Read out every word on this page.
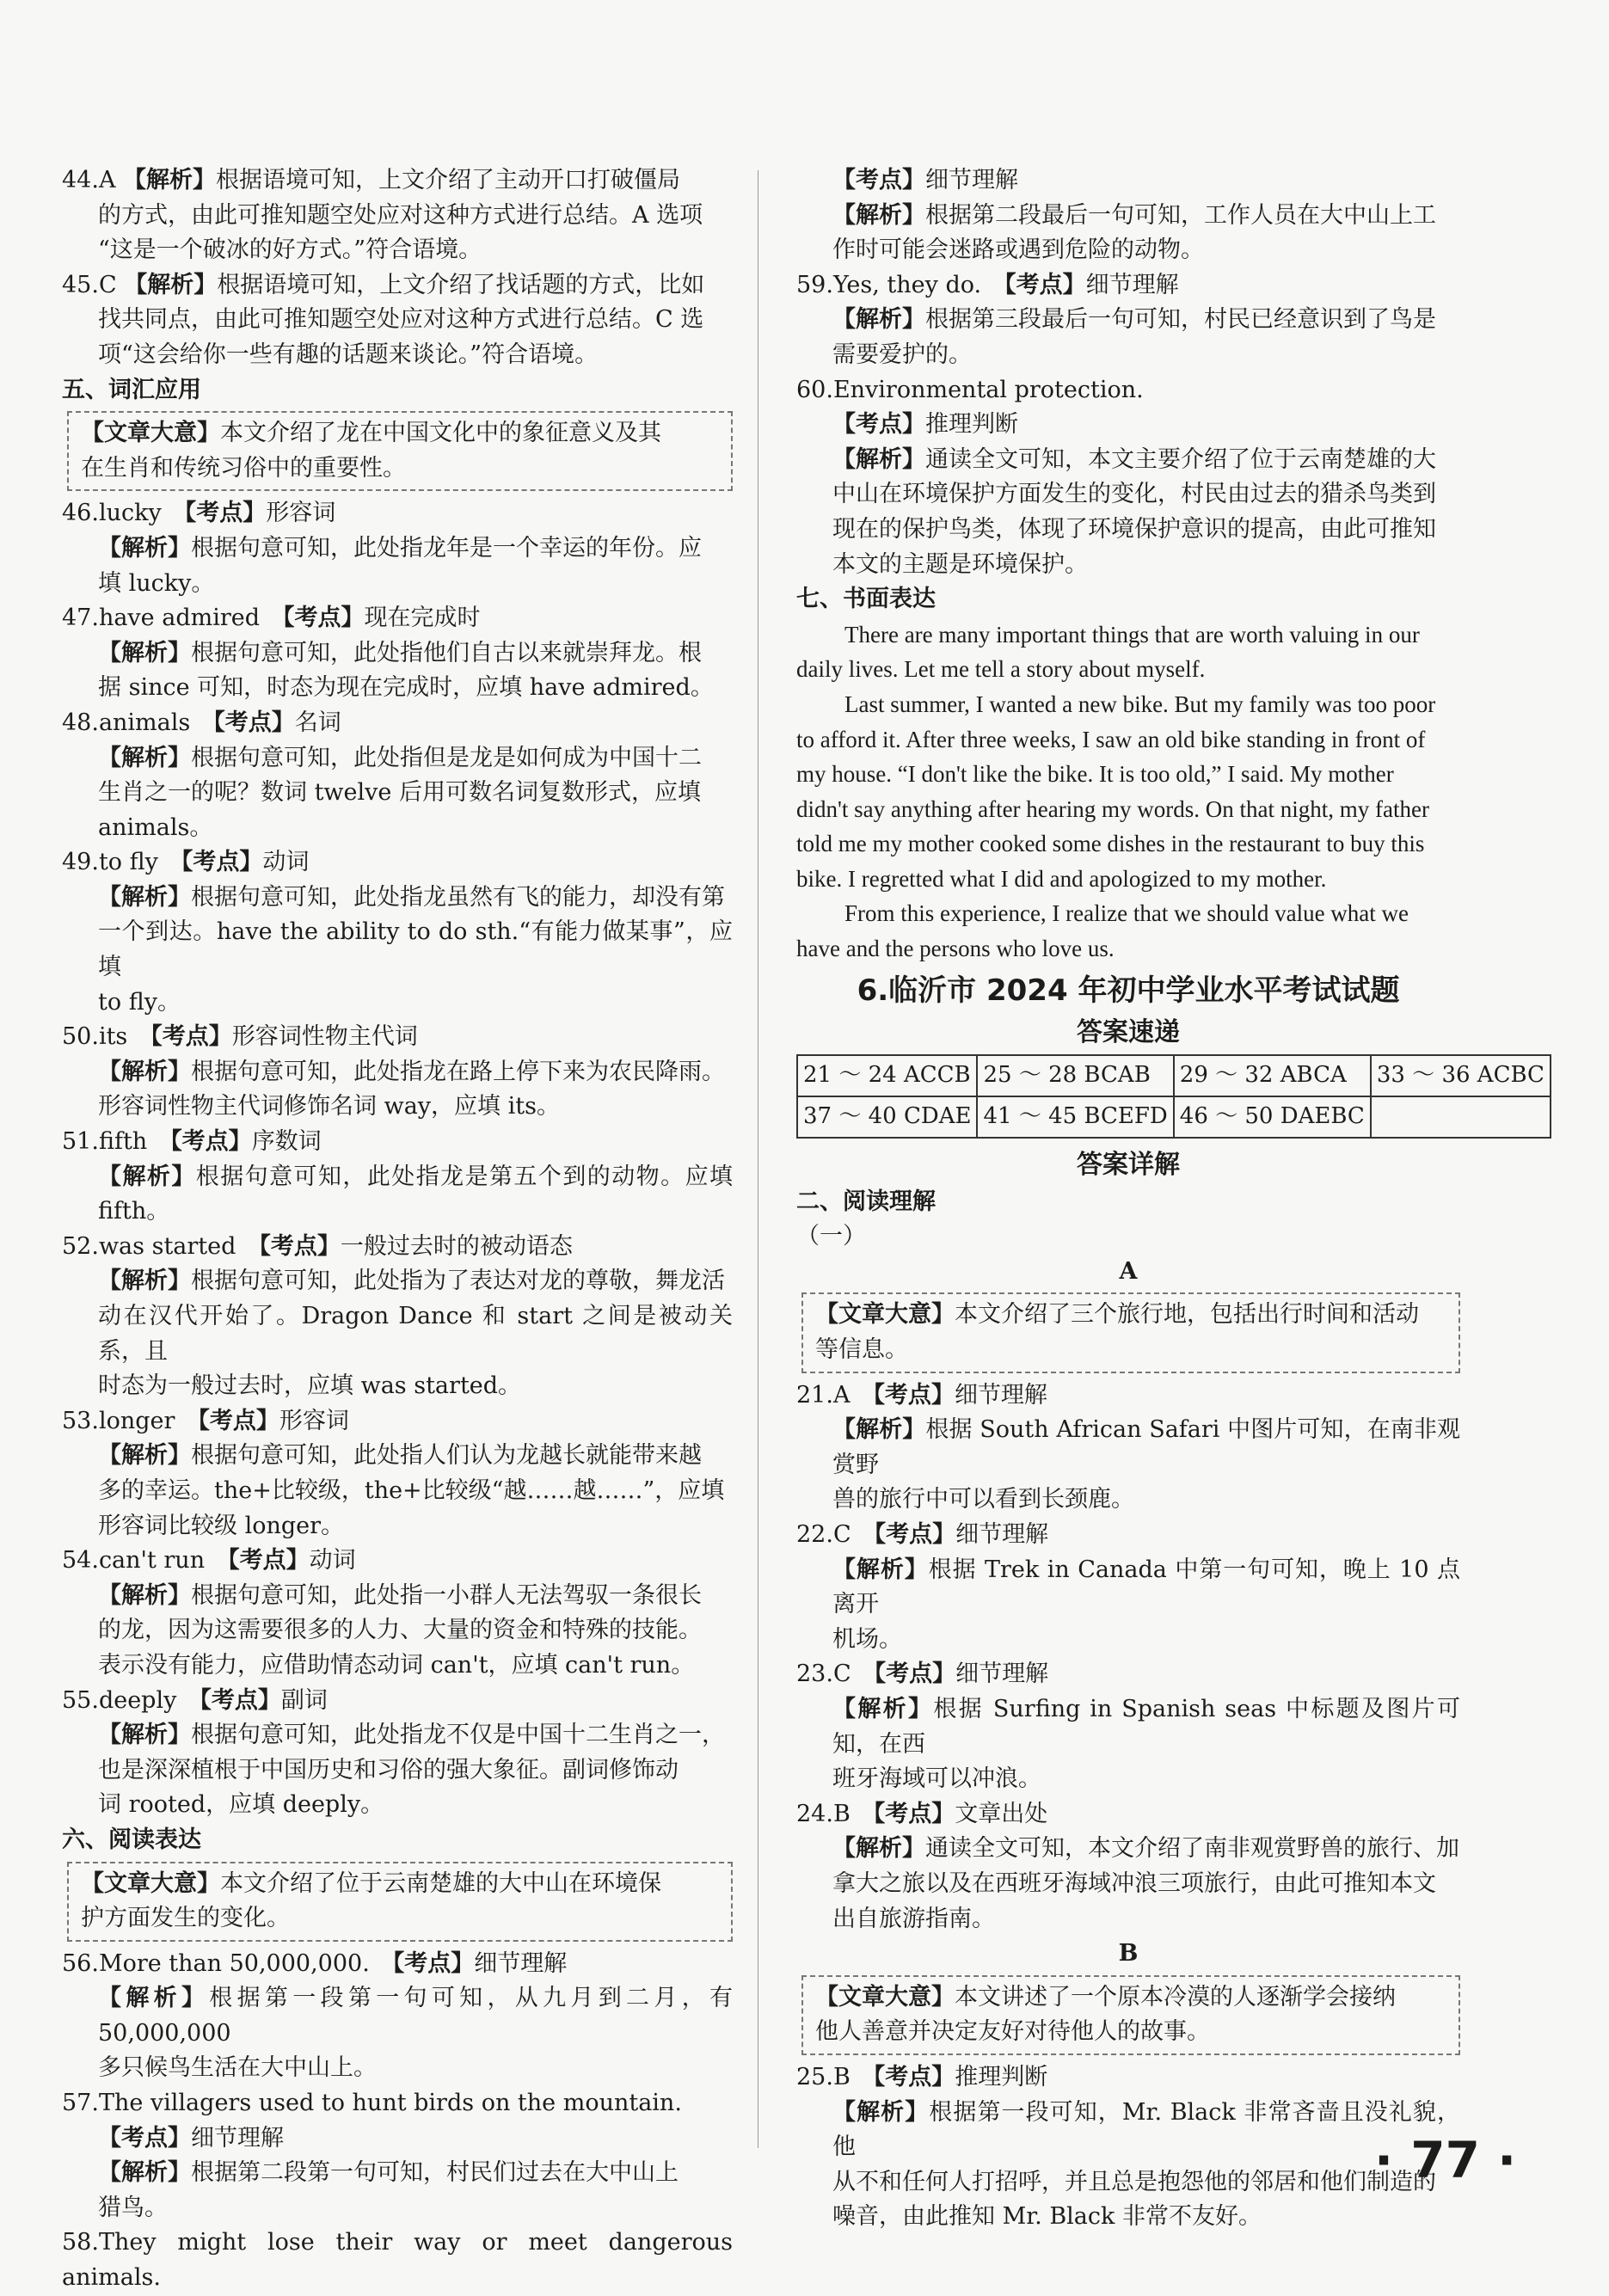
44.A 【解析】根据语境可知，上文介绍了主动开口打破僵局

的方式，由此可推知题空处应对这种方式进行总结。A 选项

“这是一个破冰的好方式。”符合语境。

45.C 【解析】根据语境可知，上文介绍了找话题的方式，比如

找共同点，由此可推知题空处应对这种方式进行总结。C 选

项“这会给你一些有趣的话题来谈论。”符合语境。

五、词汇应用

【文章大意】本文介绍了龙在中国文化中的象征意义及其
在生肖和传统习俗中的重要性。

46.lucky　 【考点】形容词

【解析】根据句意可知，此处指龙年是一个幸运的年份。应

填 lucky。

47.have admired　 【考点】现在完成时

【解析】根据句意可知，此处指他们自古以来就崇拜龙。根

据 since 可知，时态为现在完成时，应填 have admired。

48.animals　 【考点】名词

【解析】根据句意可知，此处指但是龙是如何成为中国十二

生肖之一的呢？数词 twelve 后用可数名词复数形式，应填

animals。

49.to fly　 【考点】动词

【解析】根据句意可知，此处指龙虽然有飞的能力，却没有第

一个到达。have the ability to do sth.“有能力做某事”，应填

to fly。

50.its　 【考点】形容词性物主代词

【解析】根据句意可知，此处指龙在路上停下来为农民降雨。

形容词性物主代词修饰名词 way，应填 its。

51.fifth　 【考点】序数词

【解析】根据句意可知，此处指龙是第五个到的动物。应填 fifth。

52.was started　 【考点】一般过去时的被动语态

【解析】根据句意可知，此处指为了表达对龙的尊敬，舞龙活

动在汉代开始了。Dragon Dance 和 start 之间是被动关系，且

时态为一般过去时，应填 was started。

53.longer　 【考点】形容词

【解析】根据句意可知，此处指人们认为龙越长就能带来越

多的幸运。the+比较级，the+比较级“越……越……”，应填

形容词比较级 longer。

54.can't run　 【考点】动词

【解析】根据句意可知，此处指一小群人无法驾驭一条很长

的龙，因为这需要很多的人力、大量的资金和特殊的技能。

表示没有能力，应借助情态动词 can't，应填 can't run。

55.deeply　 【考点】副词

【解析】根据句意可知，此处指龙不仅是中国十二生肖之一，

也是深深植根于中国历史和习俗的强大象征。副词修饰动

词 rooted，应填 deeply。

六、阅读表达

【文章大意】本文介绍了位于云南楚雄的大中山在环境保
护方面发生的变化。

56.More than 50,000,000.　 【考点】细节理解

【解析】根据第一段第一句可知，从九月到二月，有 50,000,000

多只候鸟生活在大中山上。

57.The villagers used to hunt birds on the mountain.

【考点】细节理解

【解析】根据第二段第一句可知，村民们过去在大中山上

猎鸟。

58.They might lose their way or meet dangerous animals.

【考点】细节理解

【解析】根据第二段最后一句可知，工作人员在大中山上工

作时可能会迷路或遇到危险的动物。

59.Yes, they do.　 【考点】细节理解

【解析】根据第三段最后一句可知，村民已经意识到了鸟是

需要爱护的。

60.Environmental protection.

【考点】推理判断

【解析】通读全文可知，本文主要介绍了位于云南楚雄的大

中山在环境保护方面发生的变化，村民由过去的猎杀鸟类到

现在的保护鸟类，体现了环境保护意识的提高，由此可推知

本文的主题是环境保护。

七、书面表达

There are many important things that are worth valuing in our

daily lives. Let me tell a story about myself.

Last summer, I wanted a new bike. But my family was too poor

to afford it. After three weeks, I saw an old bike standing in front of

my house. “I don't like the bike. It is too old,” I said. My mother

didn't say anything after hearing my words. On that night, my father

told me my mother cooked some dishes in the restaurant to buy this

bike. I regretted what I did and apologized to my mother.

From this experience, I realize that we should value what we

have and the persons who love us.

6.临沂市 2024 年初中学业水平考试试题

答案速递

21 ～ 24 ACCB	25 ～ 28 BCAB	29 ～ 32 ABCA	33 ～ 36 ACBC
37 ～ 40 CDAE	41 ～ 45 BCEFD	46 ～ 50 DAEBC	

答案详解

二、阅读理解

（一）

A

【文章大意】本文介绍了三个旅行地，包括出行时间和活动
等信息。

21.A　 【考点】细节理解

【解析】根据 South African Safari 中图片可知，在南非观赏野

兽的旅行中可以看到长颈鹿。

22.C　 【考点】细节理解

【解析】根据 Trek in Canada 中第一句可知，晚上 10 点离开

机场。

23.C　 【考点】细节理解

【解析】根据 Surfing in Spanish seas 中标题及图片可知，在西

班牙海域可以冲浪。

24.B　 【考点】文章出处

【解析】通读全文可知，本文介绍了南非观赏野兽的旅行、加

拿大之旅以及在西班牙海域冲浪三项旅行，由此可推知本文

出自旅游指南。

B

【文章大意】本文讲述了一个原本冷漠的人逐渐学会接纳
他人善意并决定友好对待他人的故事。

25.B　 【考点】推理判断

【解析】根据第一段可知，Mr. Black 非常吝啬且没礼貌，他

从不和任何人打招呼，并且总是抱怨他的邻居和他们制造的

噪音，由此推知 Mr. Black 非常不友好。

· 77 ·
